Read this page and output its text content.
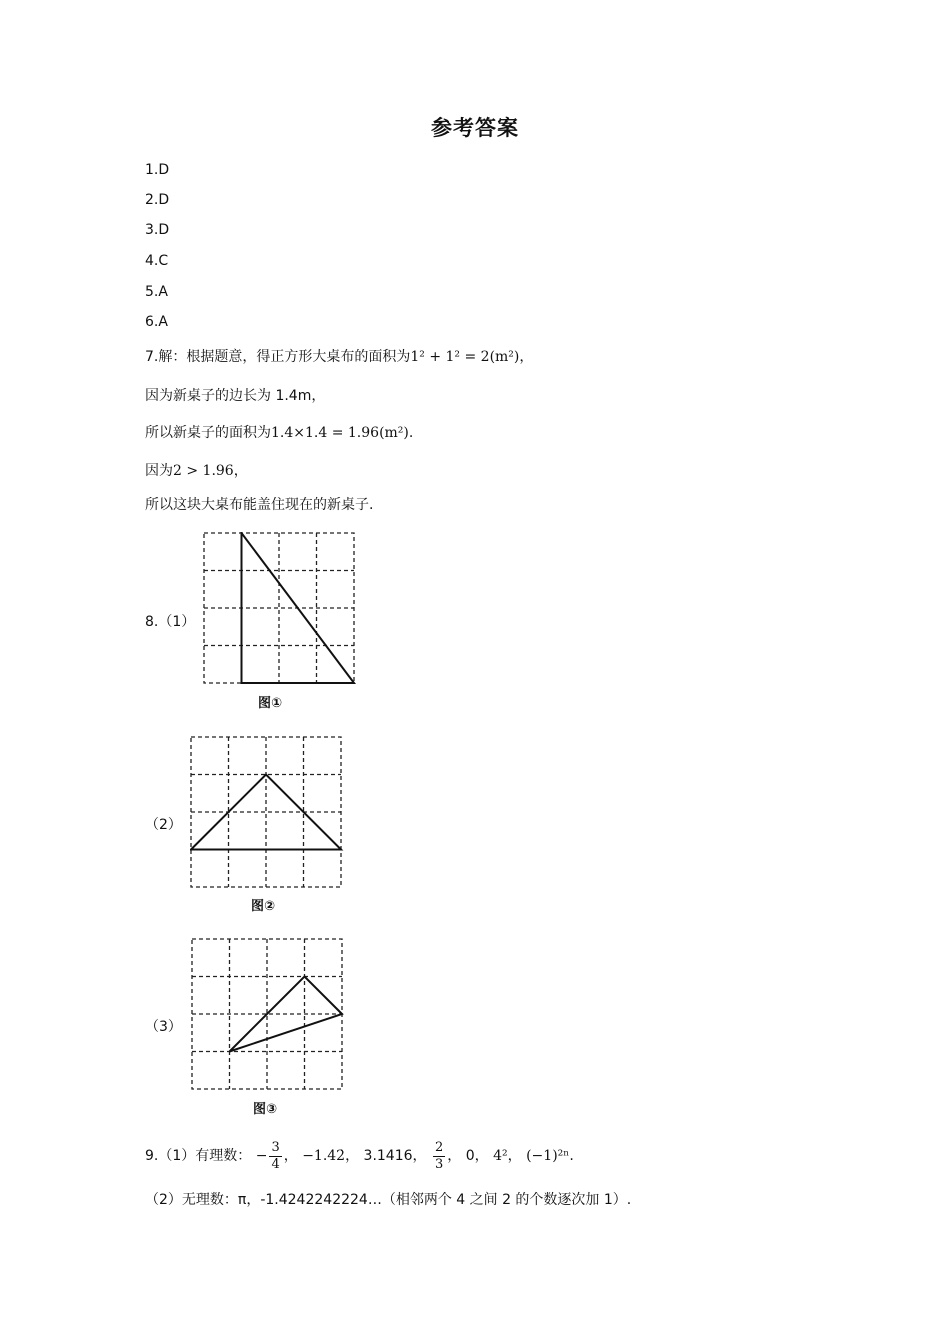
参考答案
1.D
2.D
3.D
4.C
5.A
6.A
7.解：根据题意，得正方形大桌布的面积为1² + 1² = 2(m²)，
因为新桌子的边长为 1.4m，
所以新桌子的面积为1.4×1.4 = 1.96(m²).
因为2 > 1.96，
所以这块大桌布能盖住现在的新桌子.
8.（1）
图①
（2）
图②
（3）
图③
9.（1）有理数： − $\frac{3}{4}$ ， −1.4̇2̇， 3.1416， $\frac{2}{3}$ ， 0， 4²， (−1)²ⁿ.
（2）无理数：π，-1.4242242224…（相邻两个 4 之间 2 的个数逐次加 1）.
